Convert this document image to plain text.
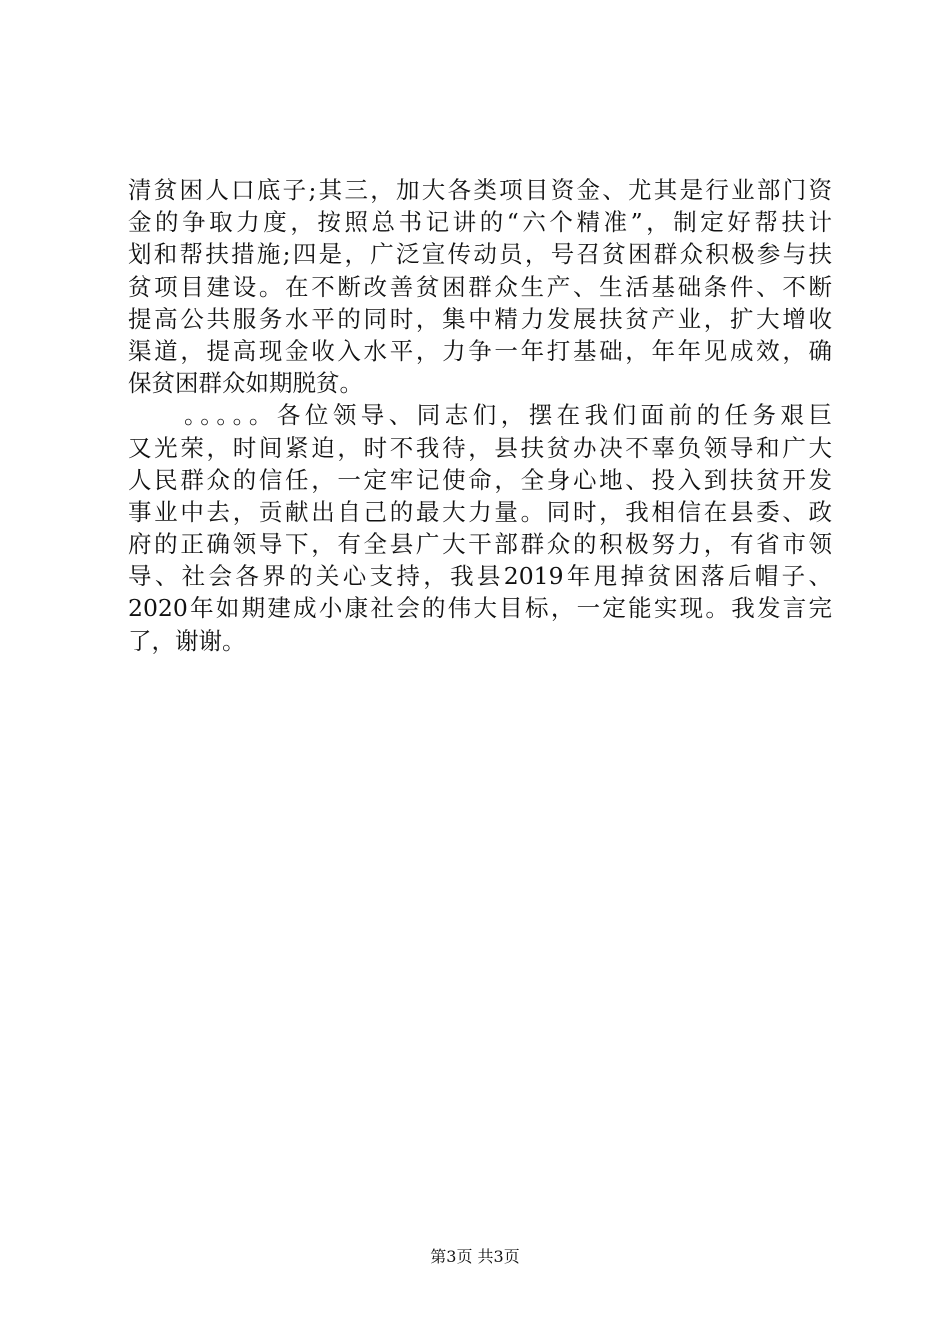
清贫困人口底子;其三，加大各类项目资金、尤其是行业部门资
金的争取力度，按照总书记讲的“六个精准”，制定好帮扶计
划和帮扶措施;四是，广泛宣传动员，号召贫困群众积极参与扶
贫项目建设。在不断改善贫困群众生产、生活基础条件、不断
提高公共服务水平的同时，集中精力发展扶贫产业，扩大增收
渠道，提高现金收入水平，力争一年打基础，年年见成效，确
保贫困群众如期脱贫。
　　。。。。。各位领导、同志们，摆在我们面前的任务艰巨
又光荣，时间紧迫，时不我待，县扶贫办决不辜负领导和广大
人民群众的信任，一定牢记使命，全身心地、投入到扶贫开发
事业中去，贡献出自己的最大力量。同时，我相信在县委、政
府的正确领导下，有全县广大干部群众的积极努力，有省市领
导、社会各界的关心支持，我县2019年甩掉贫困落后帽子、
2020年如期建成小康社会的伟大目标，一定能实现。我发言完
了，谢谢。
第3页 共3页
